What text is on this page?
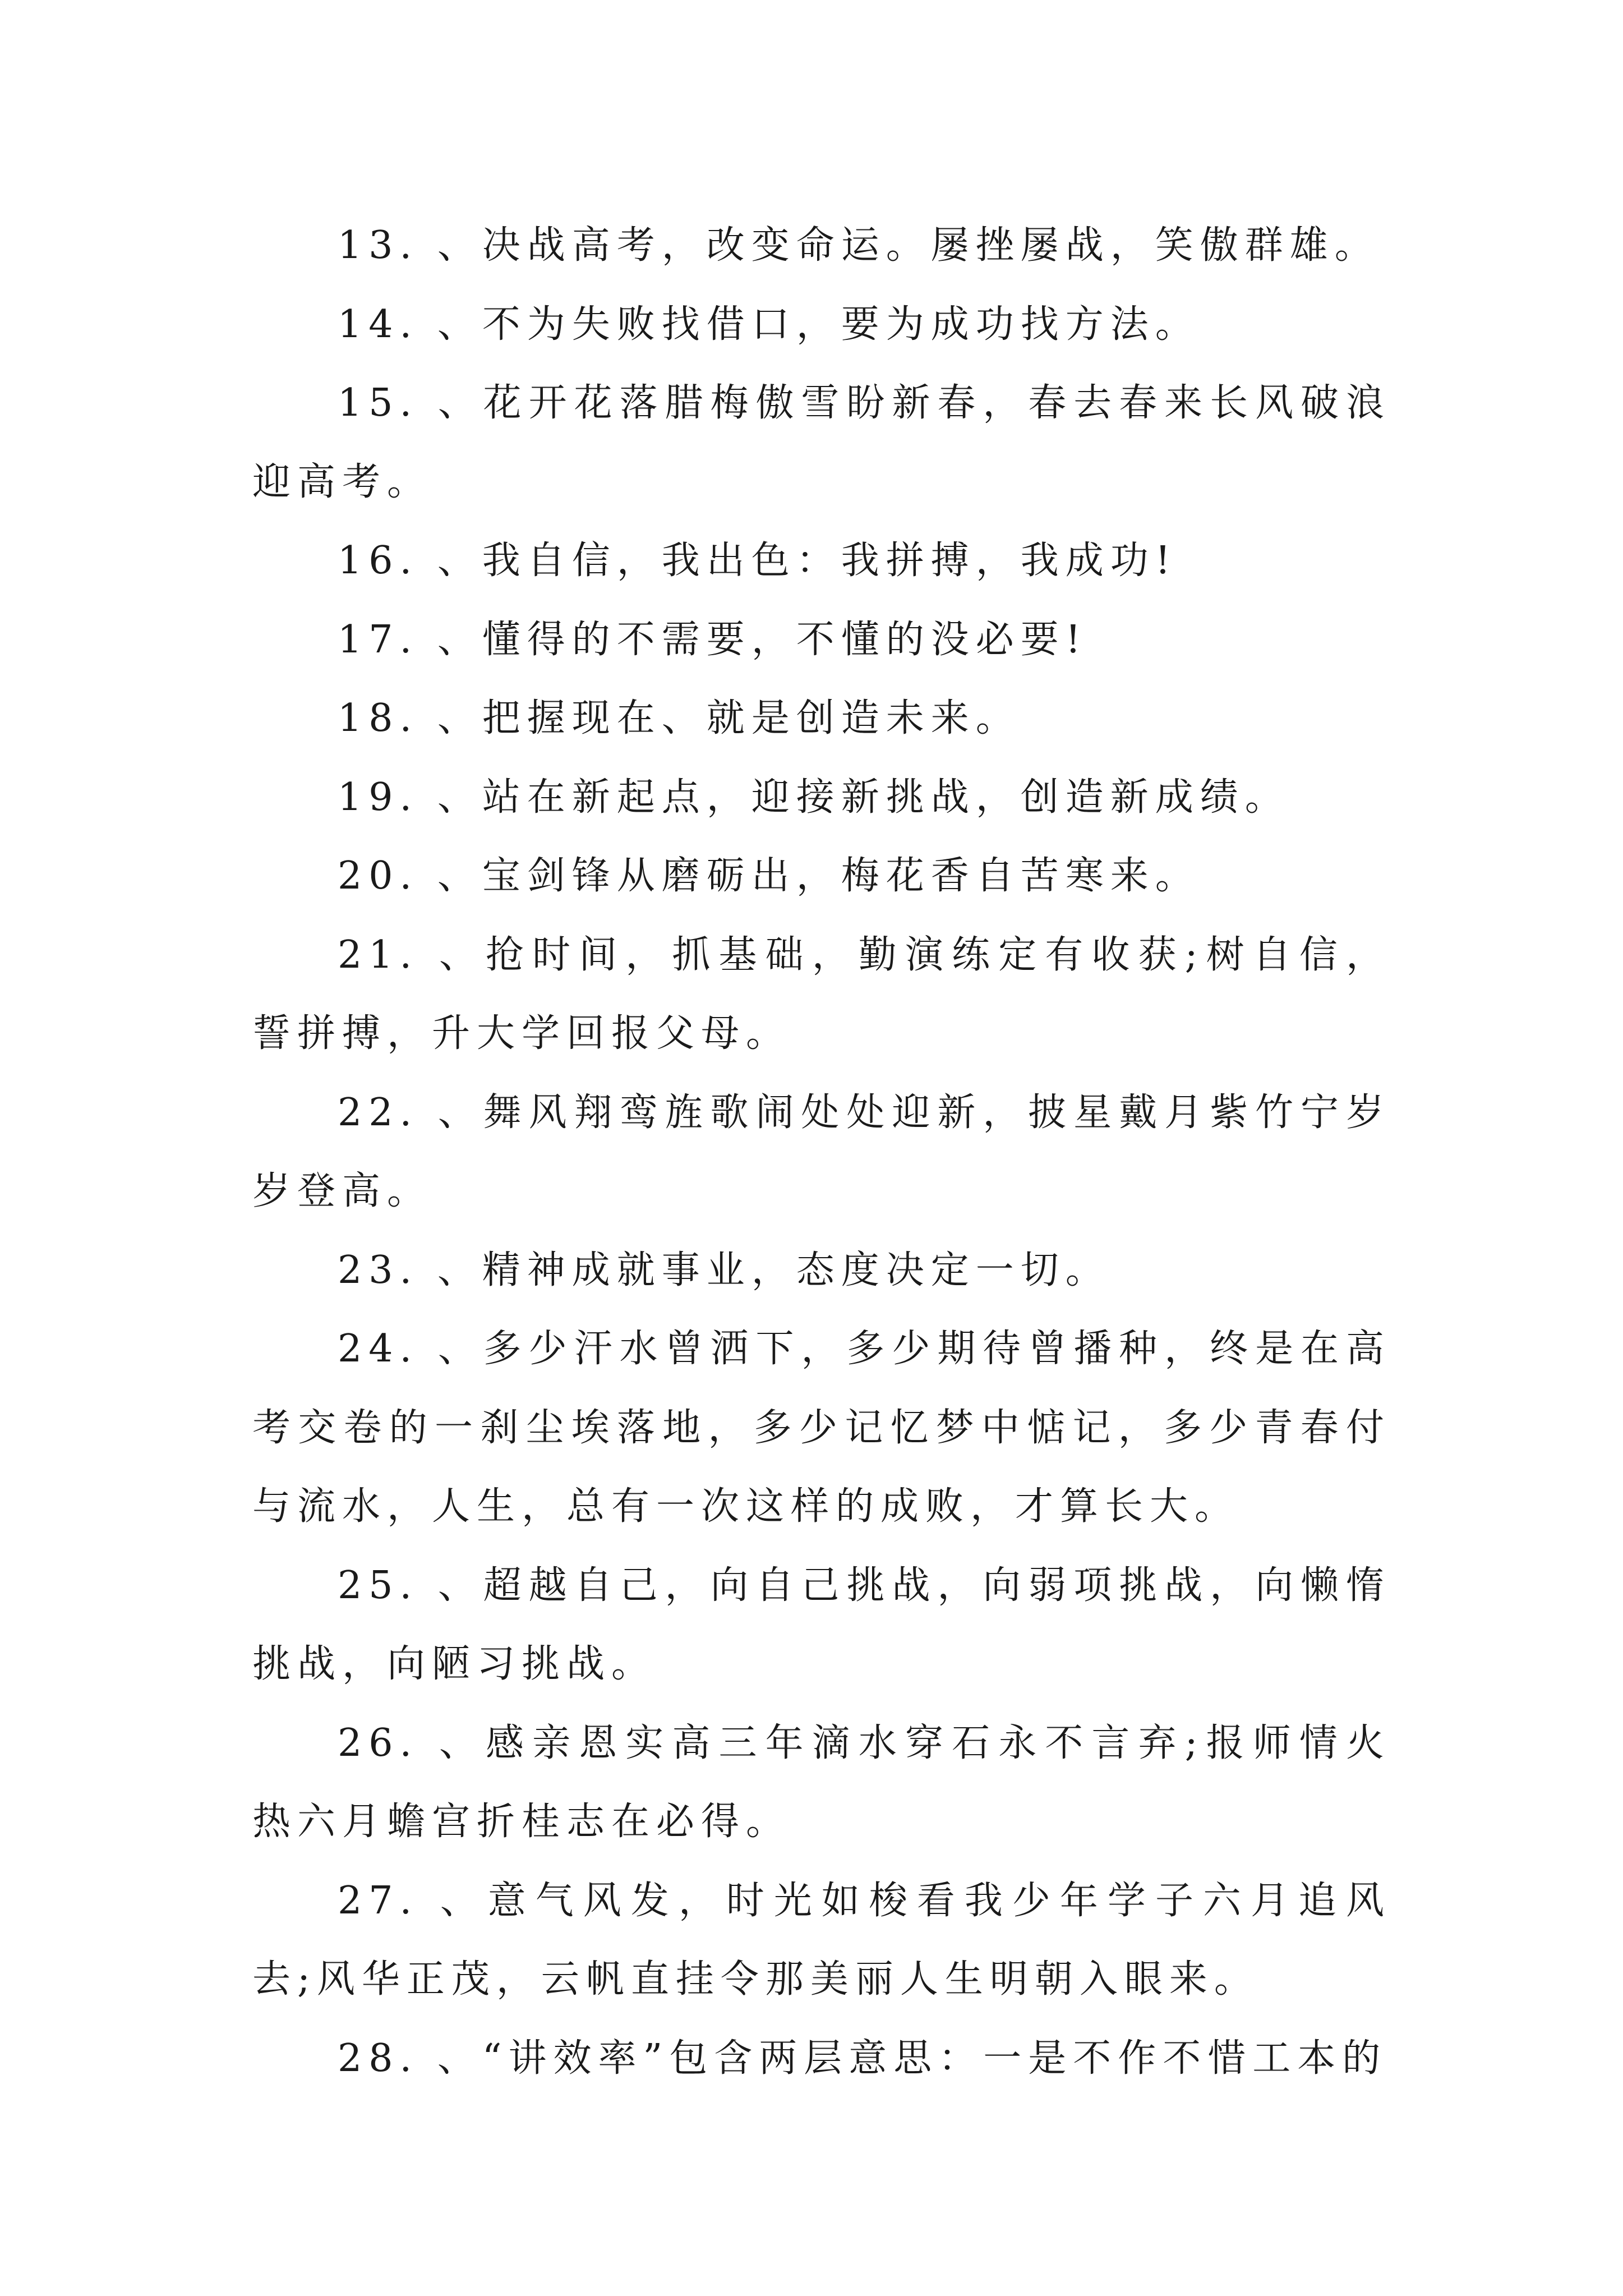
13. 、决战高考，改变命运。屡挫屡战，笑傲群雄。

14. 、不为失败找借口，要为成功找方法。

15. 、花开花落腊梅傲雪盼新春，春去春来长风破浪迎高考。

16. 、我自信，我出色：我拼搏，我成功!

17. 、懂得的不需要，不懂的没必要!

18. 、把握现在、就是创造未来。

19. 、站在新起点，迎接新挑战，创造新成绩。

20. 、宝剑锋从磨砺出，梅花香自苦寒来。

21. 、抢时间，抓基础，勤演练定有收获;树自信，誓拼搏，升大学回报父母。

22. 、舞风翔鸾旌歌闹处处迎新，披星戴月紫竹宁岁岁登高。

23. 、精神成就事业，态度决定一切。

24. 、多少汗水曾洒下，多少期待曾播种，终是在高考交卷的一刹尘埃落地，多少记忆梦中惦记，多少青春付与流水，人生，总有一次这样的成败，才算长大。

25. 、超越自己，向自己挑战，向弱项挑战，向懒惰挑战，向陋习挑战。

26. 、感亲恩实高三年滴水穿石永不言弃;报师情火热六月蟾宫折桂志在必得。

27. 、意气风发，时光如梭看我少年学子六月追风去;风华正茂，云帆直挂令那美丽人生明朝入眼来。

28. 、“讲效率”包含两层意思：一是不作不惜工本的
